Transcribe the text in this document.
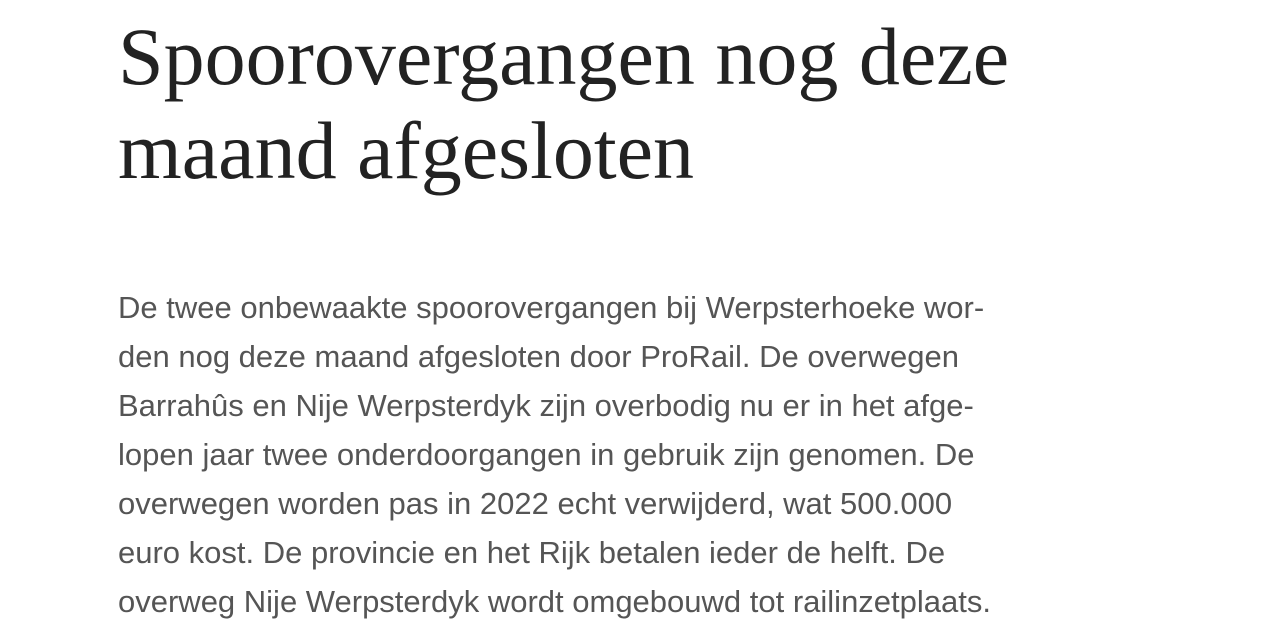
Spoorovergangen nog deze
maand afgesloten
De twee onbewaakte spoorovergangen bij Werpsterhoeke wor-
den nog deze maand afgesloten door ProRail. De overwegen
Barrahûs en Nije Werpsterdyk zijn overbodig nu er in het afge-
lopen jaar twee onderdoorgangen in gebruik zijn genomen. De
overwegen worden pas in 2022 echt verwijderd, wat 500.000
euro kost. De provincie en het Rijk betalen ieder de helft. De
overweg Nije Werpsterdyk wordt omgebouwd tot railinzetplaats.
